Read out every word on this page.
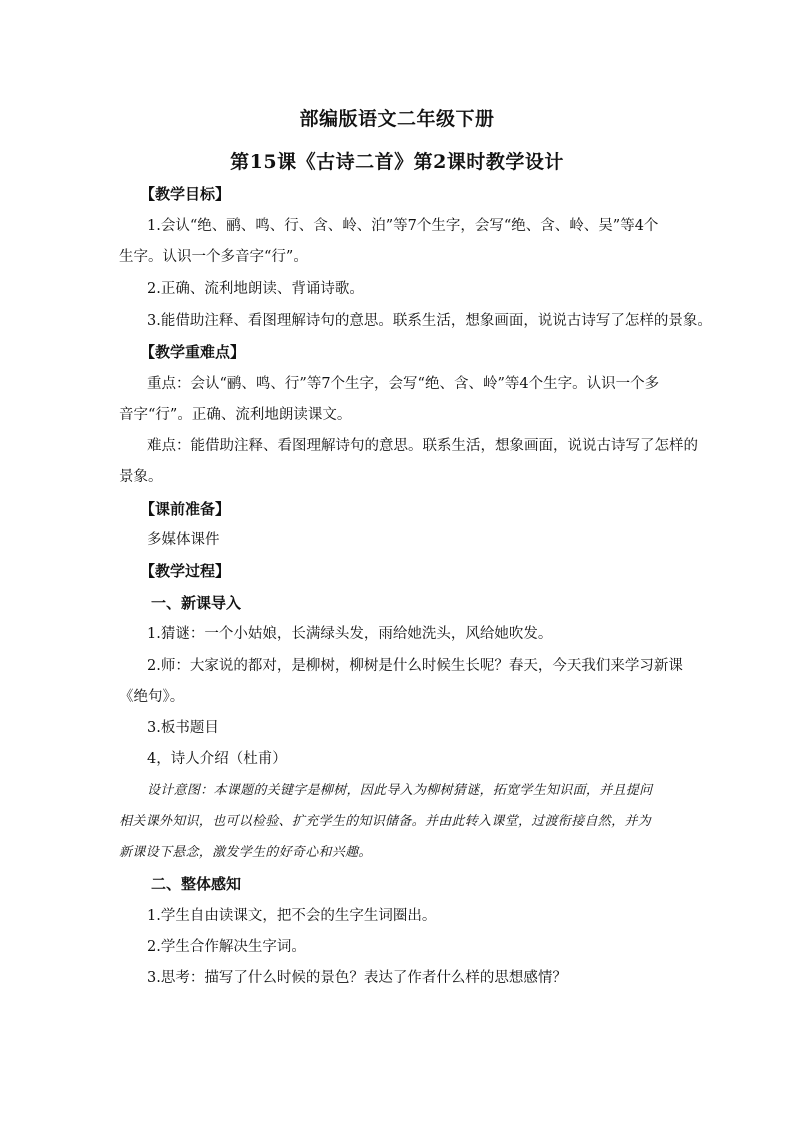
部编版语文二年级下册
第15课《古诗二首》第2课时教学设计
【教学目标】
1.会认“绝、鹂、鸣、行、含、岭、泊”等7个生字，会写“绝、含、岭、吴”等4个
生字。认识一个多音字“行”。
2.正确、流利地朗读、背诵诗歌。
3.能借助注释、看图理解诗句的意思。联系生活，想象画面，说说古诗写了怎样的景象。
【教学重难点】
重点：会认“鹂、鸣、行”等7个生字，会写“绝、含、岭”等4个生字。认识一个多
音字“行”。正确、流利地朗读课文。
难点：能借助注释、看图理解诗句的意思。联系生活，想象画面，说说古诗写了怎样的
景象。
【课前准备】
多媒体课件
【教学过程】
一、新课导入
1.猜谜：一个小姑娘，长满绿头发，雨给她洗头，风给她吹发。
2.师：大家说的都对，是柳树，柳树是什么时候生长呢？春天，今天我们来学习新课
《绝句》。
3.板书题目
4，诗人介绍（杜甫）
设计意图：本课题的关键字是柳树，因此导入为柳树猜谜，拓宽学生知识面，并且提问
相关课外知识，也可以检验、扩充学生的知识储备。并由此转入课堂，过渡衔接自然，并为
新课设下悬念，激发学生的好奇心和兴趣。
二、整体感知
1.学生自由读课文，把不会的生字生词圈出。
2.学生合作解决生字词。
3.思考：描写了什么时候的景色？表达了作者什么样的思想感情？
